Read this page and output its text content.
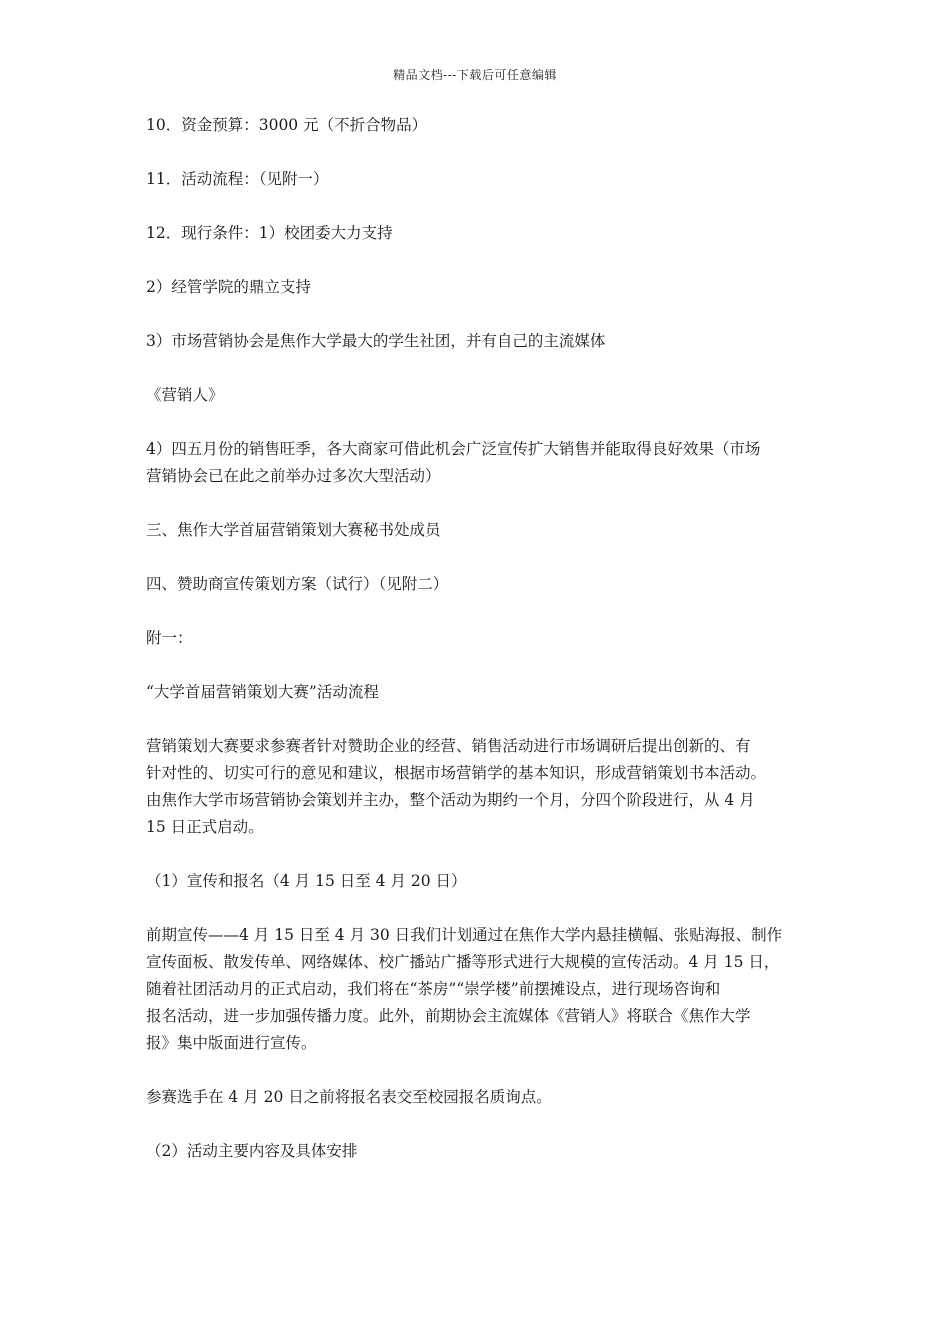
精品文档---下载后可任意编辑

10．资金预算：3000 元（不折合物品）

11．活动流程：（见附一）

12．现行条件：1）校团委大力支持

2）经管学院的鼎立支持

3）市场营销协会是焦作大学最大的学生社团，并有自己的主流媒体

《营销人》

4）四五月份的销售旺季，各大商家可借此机会广泛宣传扩大销售并能取得良好效果（市场
营销协会已在此之前举办过多次大型活动）

三、焦作大学首届营销策划大赛秘书处成员

四、赞助商宣传策划方案（试行）（见附二）

附一：

“大学首届营销策划大赛”活动流程

营销策划大赛要求参赛者针对赞助企业的经营、销售活动进行市场调研后提出创新的、有
针对性的、切实可行的意见和建议，根据市场营销学的基本知识，形成营销策划书本活动。
由焦作大学市场营销协会策划并主办，整个活动为期约一个月，分四个阶段进行，从 4 月
15 日正式启动。

（1）宣传和报名（4 月 15 日至 4 月 20 日）

前期宣传——4 月 15 日至 4 月 30 日我们计划通过在焦作大学内悬挂横幅、张贴海报、制作
宣传面板、散发传单、网络媒体、校广播站广播等形式进行大规模的宣传活动。4 月 15 日，
随着社团活动月的正式启动，我们将在“茶房”“崇学楼”前摆摊设点，进行现场咨询和
报名活动，进一步加强传播力度。此外，前期协会主流媒体《营销人》将联合《焦作大学
报》集中版面进行宣传。

参赛选手在 4 月 20 日之前将报名表交至校园报名质询点。

（2）活动主要内容及具体安排
